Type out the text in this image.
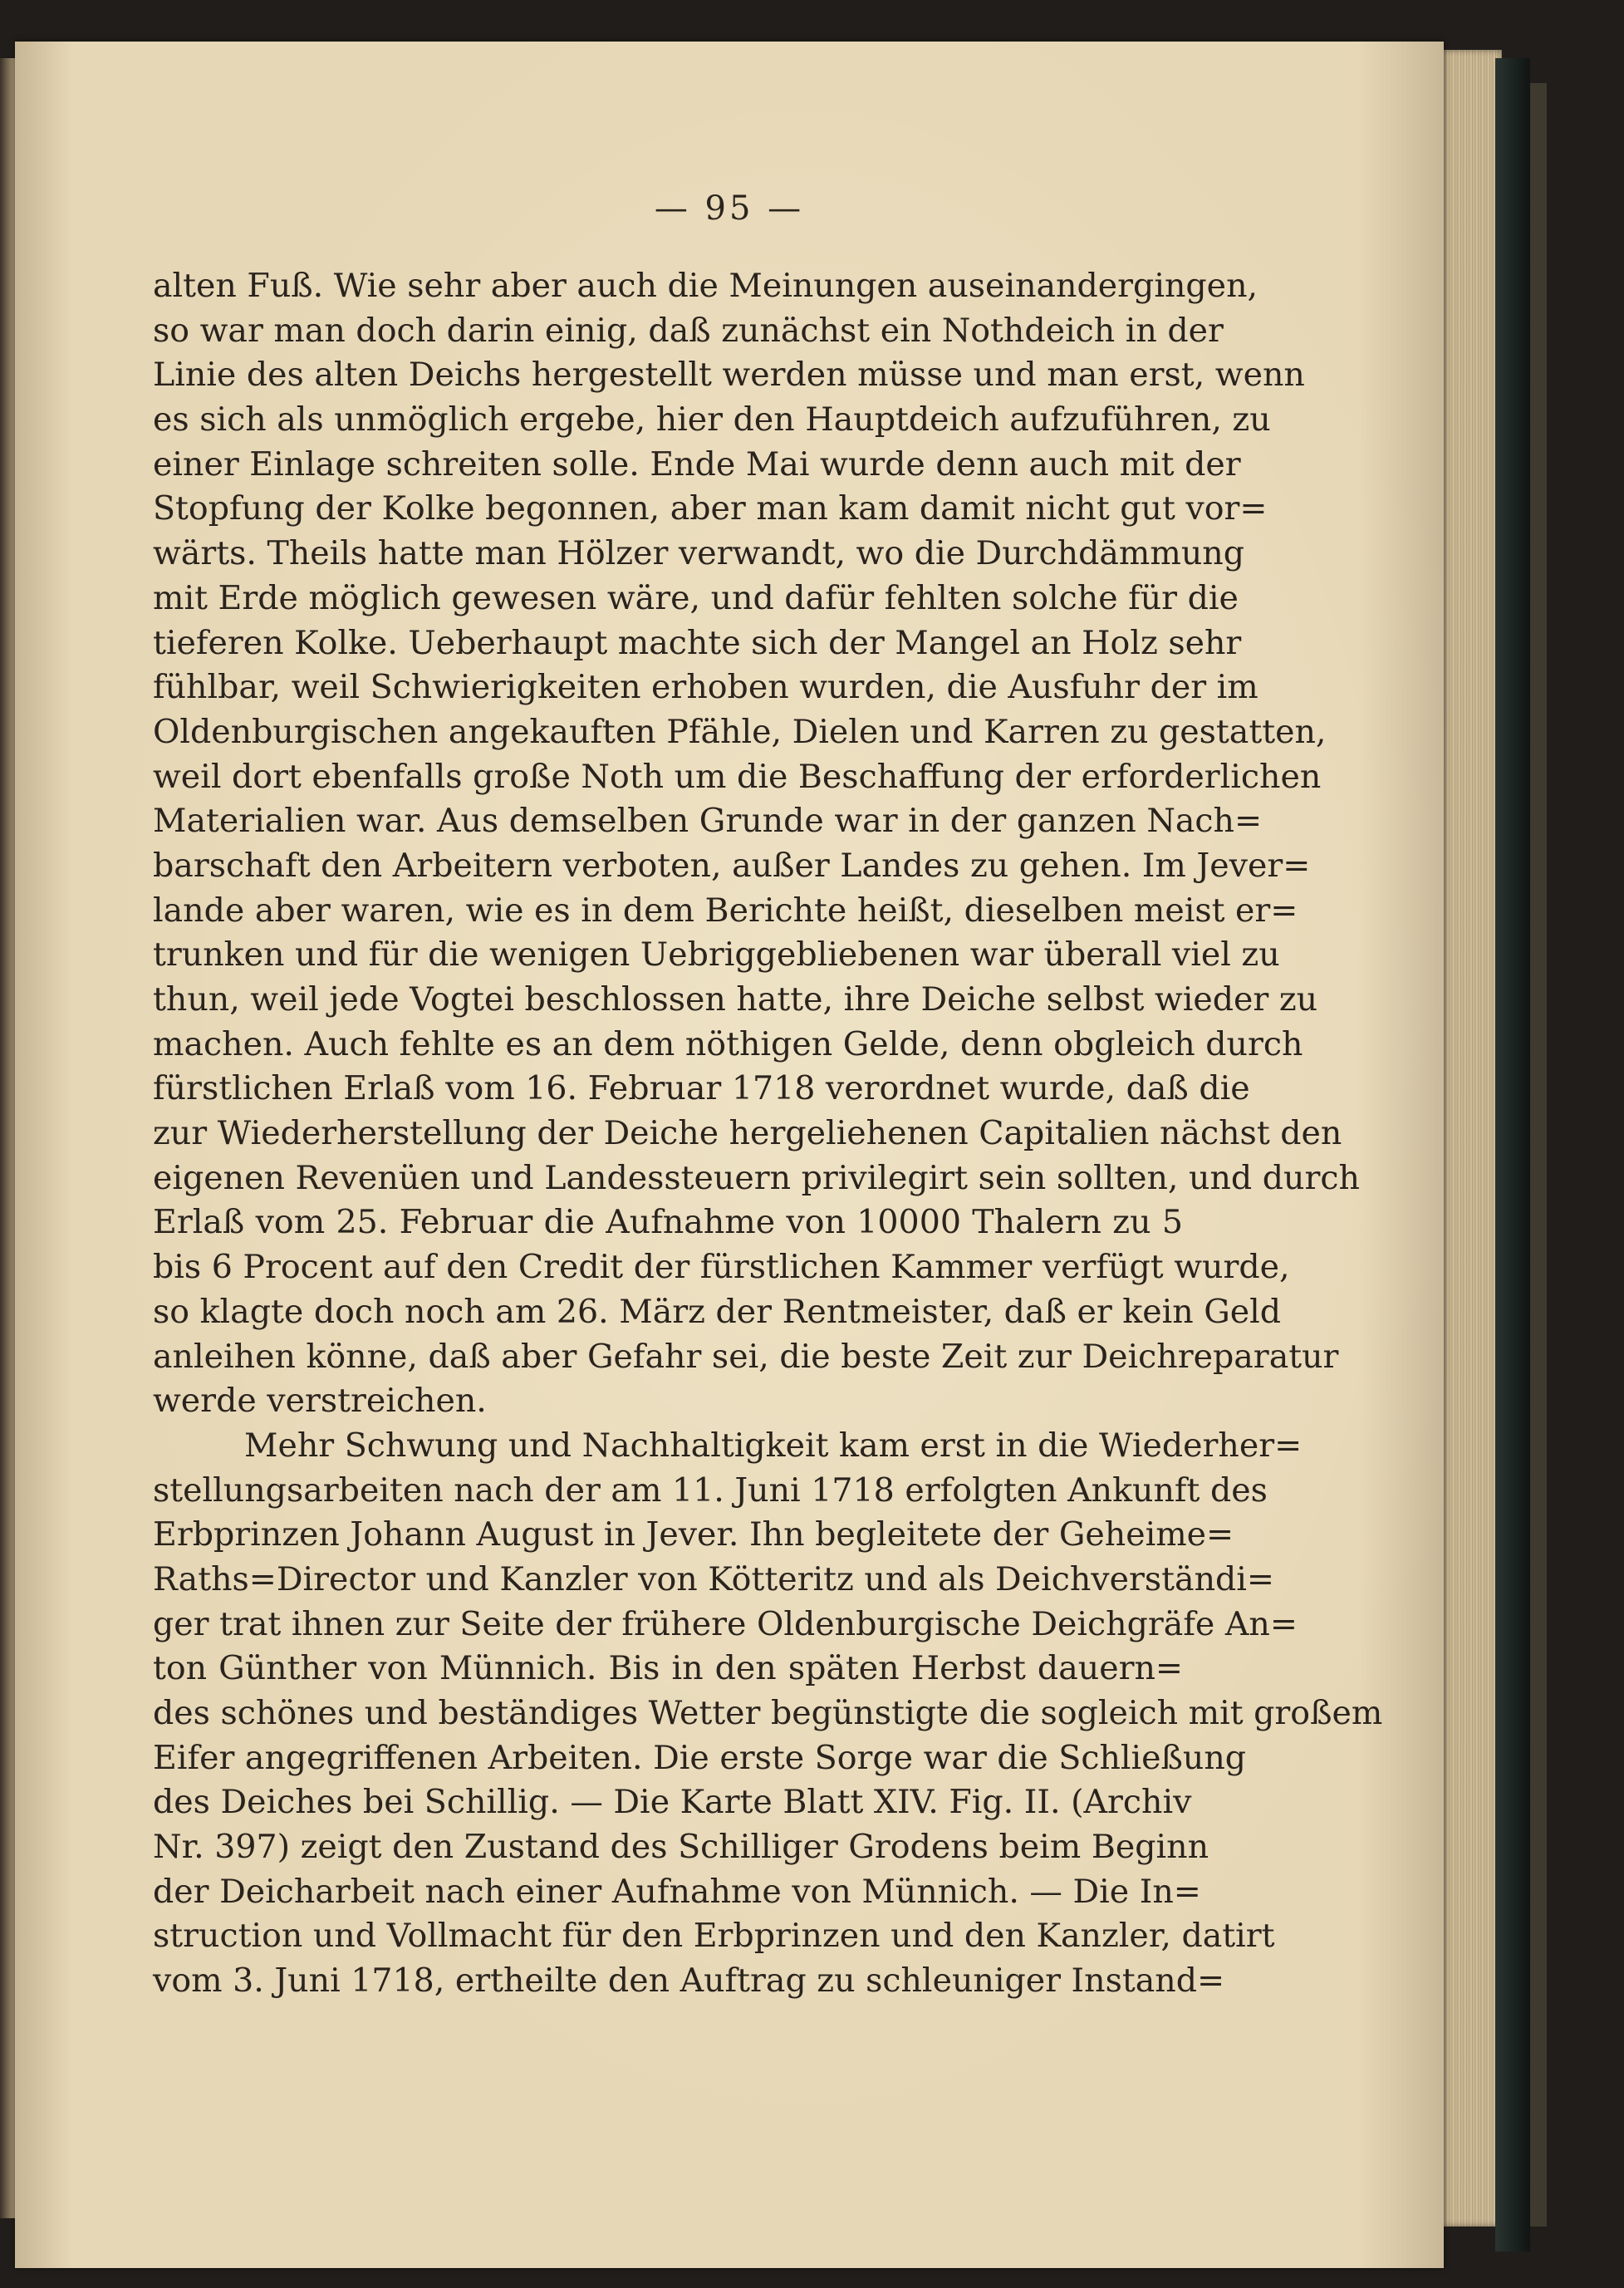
— 95 —
alten Fuß. Wie sehr aber auch die Meinungen auseinandergingen,
so war man doch darin einig, daß zunächst ein Nothdeich in der
Linie des alten Deichs hergestellt werden müsse und man erst, wenn
es sich als unmöglich ergebe, hier den Hauptdeich aufzuführen, zu
einer Einlage schreiten solle. Ende Mai wurde denn auch mit der
Stopfung der Kolke begonnen, aber man kam damit nicht gut vor=
wärts. Theils hatte man Hölzer verwandt, wo die Durchdämmung
mit Erde möglich gewesen wäre, und dafür fehlten solche für die
tieferen Kolke. Ueberhaupt machte sich der Mangel an Holz sehr
fühlbar, weil Schwierigkeiten erhoben wurden, die Ausfuhr der im
Oldenburgischen angekauften Pfähle, Dielen und Karren zu gestatten,
weil dort ebenfalls große Noth um die Beschaffung der erforderlichen
Materialien war. Aus demselben Grunde war in der ganzen Nach=
barschaft den Arbeitern verboten, außer Landes zu gehen. Im Jever=
lande aber waren, wie es in dem Berichte heißt, dieselben meist er=
trunken und für die wenigen Uebriggebliebenen war überall viel zu
thun, weil jede Vogtei beschlossen hatte, ihre Deiche selbst wieder zu
machen. Auch fehlte es an dem nöthigen Gelde, denn obgleich durch
fürstlichen Erlaß vom 16. Februar 1718 verordnet wurde, daß die
zur Wiederherstellung der Deiche hergeliehenen Capitalien nächst den
eigenen Revenüen und Landessteuern privilegirt sein sollten, und durch
Erlaß vom 25. Februar die Aufnahme von 10000 Thalern zu 5
bis 6 Procent auf den Credit der fürstlichen Kammer verfügt wurde,
so klagte doch noch am 26. März der Rentmeister, daß er kein Geld
anleihen könne, daß aber Gefahr sei, die beste Zeit zur Deichreparatur
werde verstreichen.
Mehr Schwung und Nachhaltigkeit kam erst in die Wiederher=
stellungsarbeiten nach der am 11. Juni 1718 erfolgten Ankunft des
Erbprinzen Johann August in Jever. Ihn begleitete der Geheime=
Raths=Director und Kanzler von Kötteritz und als Deichverständi=
ger trat ihnen zur Seite der frühere Oldenburgische Deichgräfe An=
ton Günther von Münnich. Bis in den späten Herbst dauern=
des schönes und beständiges Wetter begünstigte die sogleich mit großem
Eifer angegriffenen Arbeiten. Die erste Sorge war die Schließung
des Deiches bei Schillig. — Die Karte Blatt XIV. Fig. II. (Archiv
Nr. 397) zeigt den Zustand des Schilliger Grodens beim Beginn
der Deicharbeit nach einer Aufnahme von Münnich. — Die In=
struction und Vollmacht für den Erbprinzen und den Kanzler, datirt
vom 3. Juni 1718, ertheilte den Auftrag zu schleuniger Instand=
